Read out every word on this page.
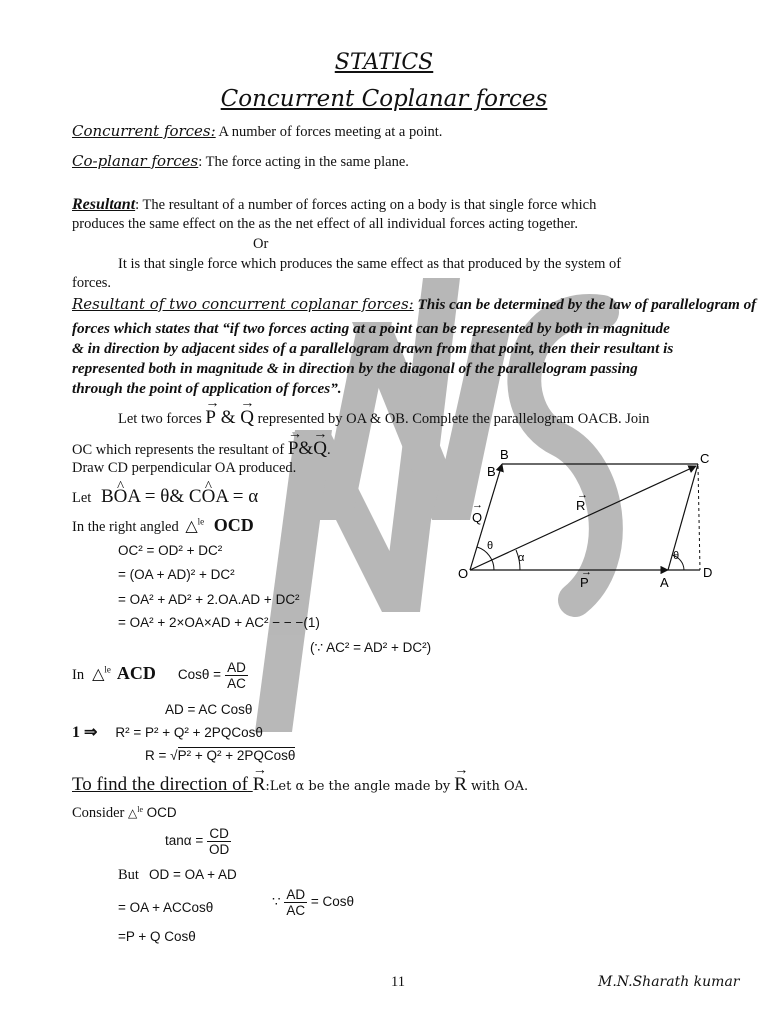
STATICS
Concurrent Coplanar forces
Concurrent forces: A number of forces meeting at a point.
Co-planar forces: The force acting in the same plane.
Resultant: The resultant of a number of forces acting on a body is that single force which
produces the same effect on the as the net effect of all individual forces acting together.
Or
It is that single force which produces the same effect as that produced by the system of
forces.
Resultant of two concurrent coplanar forces: This can be determined by the law of parallelogram of
forces which states that “if two forces acting at a point can be represented by both in magnitude
& in direction by adjacent sides of a parallelogram drawn from that point, then their resultant is
represented both in magnitude & in direction by the diagonal of the parallelogram passing
through the point of application of forces”.
Let two forces → P & → Q represented by OA & OB. Complete the parallelogram OACB. Join
OC which represents the resultant of → P&→ Q.
Draw CD perpendicular OA produced.
Let B^ OA = θ& C^ OA = α
In the right angled △$^{le}$ OCD
OC² = OD² + DC²
= (OA + AD)² + DC²
= OA² + AD² + 2.OA.AD + DC²
= OA² + 2×OA×AD + AC² − − −(1)
(∵ AC² = AD² + DC²)
In △$^{le}$ ACD $Cos\theta = \frac{AD}{AC}$
AD = AC Cosθ
1 ⇒ R² = P² + Q² + 2PQCosθ
R = √P² + Q² + 2PQCosθ
To find the direction of → R:Let α be the angle made by → R with OA.
Consider △$^{le}$ OCD
$\tan\alpha = \frac{CD}{OD}$
But OD = OA + AD
= OA + ACCosθ	∵ $\frac{AD}{AC} = Cos\theta$
=P + Q Cosθ
11	M.N.Sharath kumar
O
A
D
C
B
B
Q
→	R
→
P
→
θ
α	θ
